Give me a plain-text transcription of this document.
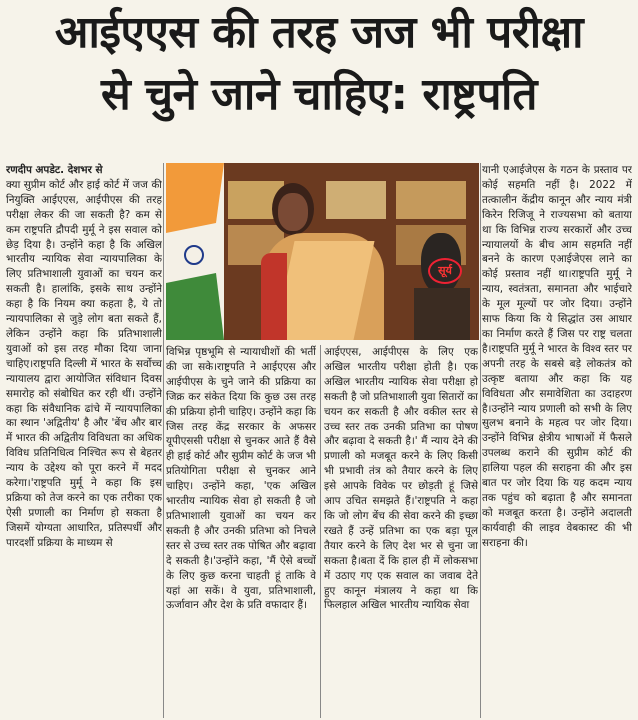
आईएएस की तरह जज भी परीक्षा
से चुने जाने चाहिए: राष्ट्रपति

यानी एआईजेएस के गठन के प्रस्ताव पर कोई सहमति नहीं है। 2022 में तत्कालीन केंद्रीय कानून और न्याय मंत्री किरेन रिजिजू ने राज्यसभा को बताया था कि विभिन्न राज्य सरकारों और उच्च न्यायालयों के बीच आम सहमति नहीं बनने के कारण एआईजेएस लाने का कोई प्रस्ताव नहीं था।राष्ट्रपति मुर्मू ने न्याय, स्वतंत्रता, समानता और भाईचारे के मूल मूल्यों पर जोर दिया। उन्होंने साफ किया कि ये सिद्धांत उस आधार का निर्माण करते हैं जिस पर राष्ट्र चलता है।राष्ट्रपति मुर्मू ने भारत के विश्व स्तर पर अपनी तरह के सबसे बड़े लोकतंत्र को उत्कृष्ट बताया और कहा कि यह विविधता और समावेशिता का उदाहरण है।उन्होंने न्याय प्रणाली को सभी के लिए सुलभ बनाने के महत्व पर जोर दिया। उन्होंने विभिन्न क्षेत्रीय भाषाओं में फैसले उपलब्ध कराने की सुप्रीम कोर्ट की हालिया पहल की सराहना की और इस बात पर जोर दिया कि यह कदम न्याय तक पहुंच को बढ़ाता है और समानता को मजबूत करता है। उन्होंने अदालती कार्यवाही की लाइव वेबकास्ट की भी सराहना की।

रणदीप अपडेट. देशभर से

क्या सुप्रीम कोर्ट और हाई कोर्ट में जज की नियुक्ति आईएएस, आईपीएस की तरह परीक्षा लेकर की जा सकती है? कम से कम राष्ट्रपति द्रौपदी मुर्मू ने इस सवाल को छेड़ दिया है। उन्होंने कहा है कि अखिल भारतीय न्यायिक सेवा न्यायपालिका के लिए प्रतिभाशाली युवाओं का चयन कर सकती है। हालांकि, इसके साथ उन्होंने कहा है कि नियम क्या कहता है, ये तो न्यायपालिका से जुड़े लोग बता सकते हैं, लेकिन उन्होंने कहा कि प्रतिभाशाली युवाओं को इस तरह मौका दिया जाना चाहिए।राष्ट्रपति दिल्ली में भारत के सर्वोच्च न्यायालय द्वारा आयोजित संविधान दिवस समारोह को संबोधित कर रही थीं। उन्होंने कहा कि संवैधानिक ढांचे में न्यायपालिका का स्थान 'अद्वितीय' है और 'बेंच और बार में भारत की अद्वितीय विविधता का अधिक विविध प्रतिनिधित्व निश्चित रूप से बेहतर न्याय के उद्देश्य को पूरा करने में मदद करेगा।'राष्ट्रपति मुर्मू ने कहा कि इस प्रक्रिया को तेज करने का एक तरीका एक ऐसी प्रणाली का निर्माण हो सकता है जिसमें योग्यता आधारित, प्रतिस्पर्धी और पारदर्शी प्रक्रिया के माध्यम से

सूर्य

विभिन्न पृष्ठभूमि से न्यायाधीशों की भर्ती की जा सके।राष्ट्रपति ने आईएएस और आईपीएस के चुने जाने की प्रक्रिया का जिक्र कर संकेत दिया कि कुछ उस तरह की प्रक्रिया होनी चाहिए। उन्होंने कहा कि जिस तरह केंद्र सरकार के अफसर यूपीएससी परीक्षा से चुनकर आते हैं वैसे ही हाई कोर्ट और सुप्रीम कोर्ट के जज भी प्रतियोगिता परीक्षा से चुनकर आने चाहिए। उन्होंने कहा, 'एक अखिल भारतीय न्यायिक सेवा हो सकती है जो प्रतिभाशाली युवाओं का चयन कर सकती है और उनकी प्रतिभा को निचले स्तर से उच्च स्तर तक पोषित और बढ़ावा दे सकती है।'उन्होंने कहा, 'मैं ऐसे बच्चों के लिए कुछ करना चाहती हूं ताकि वे यहां आ सकें। वे युवा, प्रतिभाशाली, ऊर्जावान और देश के प्रति वफादार हैं।

आईएएस, आईपीएस के लिए एक अखिल भारतीय परीक्षा होती है। एक अखिल भारतीय न्यायिक सेवा परीक्षा हो सकती है जो प्रतिभाशाली युवा सितारों का चयन कर सकती है और वकील स्तर से उच्च स्तर तक उनकी प्रतिभा का पोषण और बढ़ावा दे सकती है।' मैं न्याय देने की प्रणाली को मजबूत करने के लिए किसी भी प्रभावी तंत्र को तैयार करने के लिए इसे आपके विवेक पर छोड़ती हूं जिसे आप उचित समझते हैं।'राष्ट्रपति ने कहा कि जो लोग बेंच की सेवा करने की इच्छा रखते हैं उन्हें प्रतिभा का एक बड़ा पूल तैयार करने के लिए देश भर से चुना जा सकता है।बता दें कि हाल ही में लोकसभा में उठाए गए एक सवाल का जवाब देते हुए कानून मंत्रालय ने कहा था कि फिलहाल अखिल भारतीय न्यायिक सेवा
